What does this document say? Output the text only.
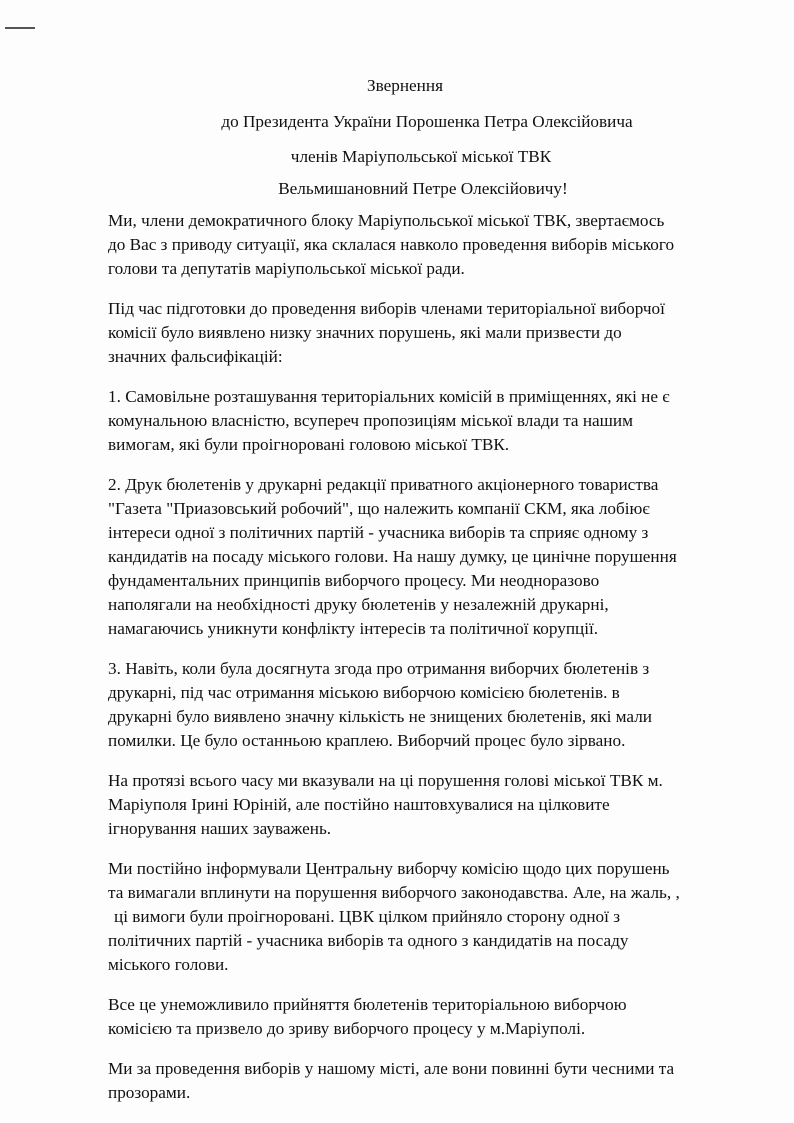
Звернення
до Президента України Порошенка Петра Олексійовича
членів Маріупольської міської ТВК
Вельмишановний Петре Олексійовичу!

Ми, члени демократичного блоку Маріупольської міської ТВК, звертаємось
до Вас з приводу ситуації, яка склалася навколо проведення виборів міського
голови та депутатів маріупольської міської ради.

Під час підготовки до проведення виборів членами територіальної виборчої
комісії було виявлено низку значних порушень, які мали призвести до
значних фальсифікацій:

1. Самовільне розташування територіальних комісій в приміщеннях, які не є
комунальною власністю, всупереч пропозиціям міської влади та нашим
вимогам, які були проігноровані головою міської ТВК.

2. Друк бюлетенів у друкарні редакції приватного акціонерного товариства
"Газета "Приазовський робочий", що належить компанії СКМ, яка лобіює
інтереси одної з політичних партій - учасника виборів та сприяє одному з
кандидатів на посаду міського голови. На нашу думку, це цинічне порушення
фундаментальних принципів виборчого процесу. Ми неодноразово
наполягали на необхідності друку бюлетенів у незалежній друкарні,
намагаючись уникнути конфлікту інтересів та політичної корупції.

3. Навіть, коли була досягнута згода про отримання виборчих бюлетенів з
друкарні, під час отримання міською виборчою комісією бюлетенів. в
друкарні було виявлено значну кількість не знищених бюлетенів, які мали
помилки. Це було останньою краплею. Виборчий процес було зірвано.

На протязі всього часу ми вказували на ці порушення голові міської ТВК м.
Маріуполя Ірині Юріній, але постійно наштовхувалися на цілковите
ігнорування наших зауважень.

Ми постійно інформували Центральну виборчу комісію щодо цих порушень
та вимагали вплинути на порушення виборчого законодавства. Але, на жаль, ,
ці вимоги були проігноровані. ЦВК цілком прийняло сторону одної з
політичних партій - учасника виборів та одного з кандидатів на посаду
міського голови.

Все це унеможливило прийняття бюлетенів територіальною виборчою
комісією та призвело до зриву виборчого процесу у м.Маріуполі.

Ми за проведення виборів у нашому місті, але вони повинні бути чесними та
прозорами.
